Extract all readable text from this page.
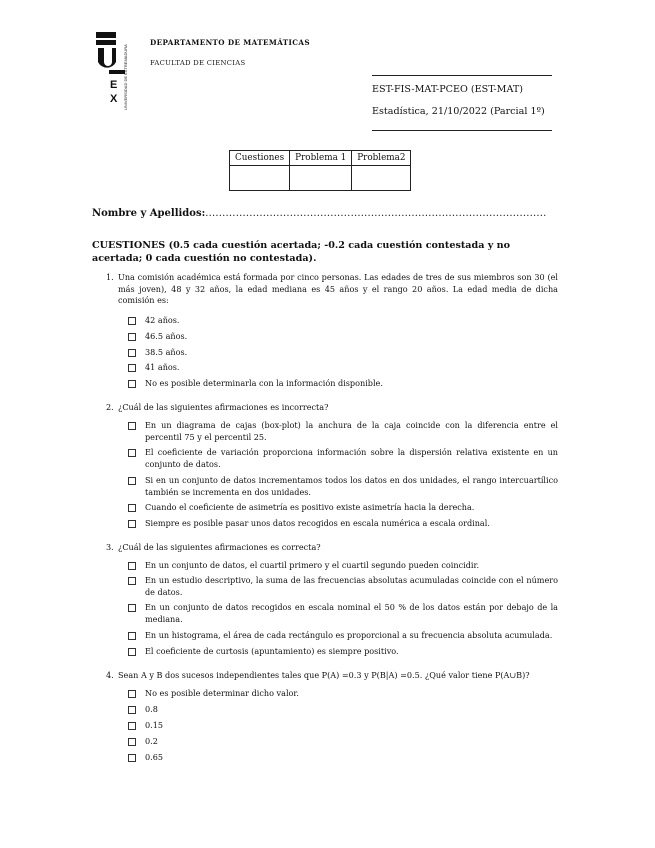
E
X UNIVERSIDAD DE EXTREMADURA
DEPARTAMENTO DE MATEMÁTICAS
FACULTAD DE CIENCIAS
EST-FIS-MAT-PCEO (EST-MAT)
Estadística, 21/10/2022 (Parcial 1º)
Cuestiones	Problema 1	Problema2

Nombre y Apellidos:.....................................................................................................
CUESTIONES (0.5 cada cuestión acertada; -0.2 cada cuestión contestada y no acertada; 0 cada cuestión no contestada).
1. Una comisión académica está formada por cinco personas. Las edades de tres de sus miembros son 30 (el más joven), 48 y 32 años, la edad mediana es 45 años y el rango 20 años. La edad media de dicha comisión es:
42 años.
46.5 años.
38.5 años.
41 años.
No es posible determinarla con la información disponible.
2. ¿Cuál de las siguientes afirmaciones es incorrecta?
En un diagrama de cajas (box-plot) la anchura de la caja coincide con la diferencia entre el percentil 75 y el percentil 25.
El coeficiente de variación proporciona información sobre la dispersión relativa existente en un conjunto de datos.
Si en un conjunto de datos incrementamos todos los datos en dos unidades, el rango intercuartílico también se incrementa en dos unidades.
Cuando el coeficiente de asimetría es positivo existe asimetría hacia la derecha.
Siempre es posible pasar unos datos recogidos en escala numérica a escala ordinal.
3. ¿Cuál de las siguientes afirmaciones es correcta?
En un conjunto de datos, el cuartil primero y el cuartil segundo pueden coincidir.
En un estudio descriptivo, la suma de las frecuencias absolutas acumuladas coincide con el número de datos.
En un conjunto de datos recogidos en escala nominal el 50 % de los datos están por debajo de la mediana.
En un histograma, el área de cada rectángulo es proporcional a su frecuencia absoluta acumulada.
El coeficiente de curtosis (apuntamiento) es siempre positivo.
4. Sean A y B dos sucesos independientes tales que P(A) =0.3 y P(B|A) =0.5. ¿Qué valor tiene P(A∪B)?
No es posible determinar dicho valor.
0.8
0.15
0.2
0.65
